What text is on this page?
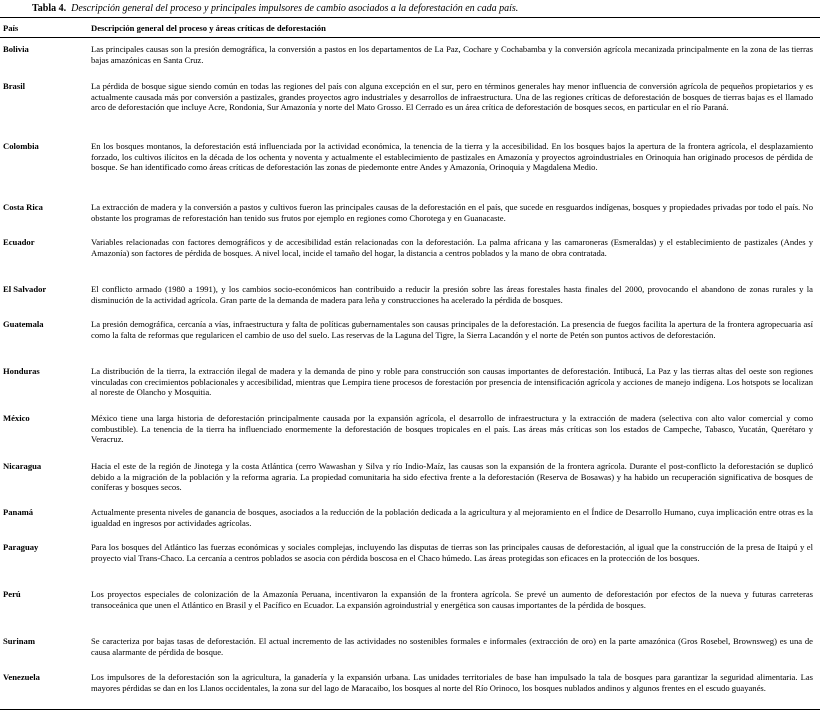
Tabla 4. Descripción general del proceso y principales impulsores de cambio asociados a la deforestación en cada país.
País	Descripción general del proceso y áreas críticas de deforestación
Bolivia	Las principales causas son la presión demográfica, la conversión a pastos en los departamentos de La Paz, Cochare y Cochabamba y la conversión agrícola mecanizada principalmente en la zona de las tierras bajas amazónicas en Santa Cruz.
Brasil	La pérdida de bosque sigue siendo común en todas las regiones del país con alguna excepción en el sur, pero en términos generales hay menor influencia de conversión agrícola de pequeños propietarios y es actualmente causada más por conversión a pastizales, grandes proyectos agro industriales y desarrollos de infraestructura. Una de las regiones críticas de deforestación de bosques de tierras bajas es el llamado arco de deforestación que incluye Acre, Rondonia, Sur Amazonía y norte del Mato Grosso. El Cerrado es un área crítica de deforestación de bosques secos, en particular en el río Paraná.
Colombia	En los bosques montanos, la deforestación está influenciada por la actividad económica, la tenencia de la tierra y la accesibilidad. En los bosques bajos la apertura de la frontera agrícola, el desplazamiento forzado, los cultivos ilícitos en la década de los ochenta y noventa y actualmente el establecimiento de pastizales en Amazonía y proyectos agroindustriales en Orinoquia han originado procesos de pérdida de bosque. Se han identificado como áreas críticas de deforestación las zonas de piedemonte entre Andes y Amazonía, Orinoquia y Magdalena Medio.
Costa Rica	La extracción de madera y la conversión a pastos y cultivos fueron las principales causas de la deforestación en el país, que sucede en resguardos indígenas, bosques y propiedades privadas por todo el país. No obstante los programas de reforestación han tenido sus frutos por ejemplo en regiones como Chorotega y en Guanacaste.
Ecuador	Variables relacionadas con factores demográficos y de accesibilidad están relacionadas con la deforestación. La palma africana y las camaroneras (Esmeraldas) y el establecimiento de pastizales (Andes y Amazonía) son factores de pérdida de bosques. A nivel local, incide el tamaño del hogar, la distancia a centros poblados y la mano de obra contratada.
El Salvador	El conflicto armado (1980 a 1991), y los cambios socio-económicos han contribuido a reducir la presión sobre las áreas forestales hasta finales del 2000, provocando el abandono de zonas rurales y la disminución de la actividad agrícola. Gran parte de la demanda de madera para leña y construcciones ha acelerado la pérdida de bosques.
Guatemala	La presión demográfica, cercanía a vías, infraestructura y falta de políticas gubernamentales son causas principales de la deforestación. La presencia de fuegos facilita la apertura de la frontera agropecuaria así como la falta de reformas que regularicen el cambio de uso del suelo. Las reservas de la Laguna del Tigre, la Sierra Lacandón y el norte de Petén son puntos activos de deforestación.
Honduras	La distribución de la tierra, la extracción ilegal de madera y la demanda de pino y roble para construcción son causas importantes de deforestación. Intibucá, La Paz y las tierras altas del oeste son regiones vinculadas con crecimientos poblacionales y accesibilidad, mientras que Lempira tiene procesos de forestación por presencia de intensificación agrícola y acciones de manejo indígena. Los hotspots se localizan al noreste de Olancho y Mosquitia.
México	México tiene una larga historia de deforestación principalmente causada por la expansión agrícola, el desarrollo de infraestructura y la extracción de madera (selectiva con alto valor comercial y como combustible). La tenencia de la tierra ha influenciado enormemente la deforestación de bosques tropicales en el país. Las áreas más críticas son los estados de Campeche, Tabasco, Yucatán, Querétaro y Veracruz.
Nicaragua	Hacia el este de la región de Jinotega y la costa Atlántica (cerro Wawashan y Silva y río Indio-Maíz, las causas son la expansión de la frontera agrícola. Durante el post-conflicto la deforestación se duplicó debido a la migración de la población y la reforma agraria. La propiedad comunitaria ha sido efectiva frente a la deforestación (Reserva de Bosawas) y ha habido un recuperación significativa de bosques de coníferas y bosques secos.
Panamá	Actualmente presenta niveles de ganancia de bosques, asociados a la reducción de la población dedicada a la agricultura y al mejoramiento en el Índice de Desarrollo Humano, cuya implicación entre otras es la igualdad en ingresos por actividades agrícolas.
Paraguay	Para los bosques del Atlántico las fuerzas económicas y sociales complejas, incluyendo las disputas de tierras son las principales causas de deforestación, al igual que la construcción de la presa de Itaipú y el proyecto vial Trans-Chaco. La cercanía a centros poblados se asocia con pérdida boscosa en el Chaco húmedo. Las áreas protegidas son eficaces en la protección de los bosques.
Perú	Los proyectos especiales de colonización de la Amazonía Peruana, incentivaron la expansión de la frontera agrícola. Se prevé un aumento de deforestación por efectos de la nueva y futuras carreteras transoceánica que unen el Atlántico en Brasil y el Pacífico en Ecuador. La expansión agroindustrial y energética son causas importantes de la pérdida de bosques.
Surinam	Se caracteriza por bajas tasas de deforestación. El actual incremento de las actividades no sostenibles formales e informales (extracción de oro) en la parte amazónica (Gros Rosebel, Brownsweg) es una de causa alarmante de pérdida de bosque.
Venezuela	Los impulsores de la deforestación son la agricultura, la ganadería y la expansión urbana. Las unidades territoriales de base han impulsado la tala de bosques para garantizar la seguridad alimentaria. Las mayores pérdidas se dan en los Llanos occidentales, la zona sur del lago de Maracaibo, los bosques al norte del Río Orinoco, los bosques nublados andinos y algunos frentes en el escudo guayanés.
